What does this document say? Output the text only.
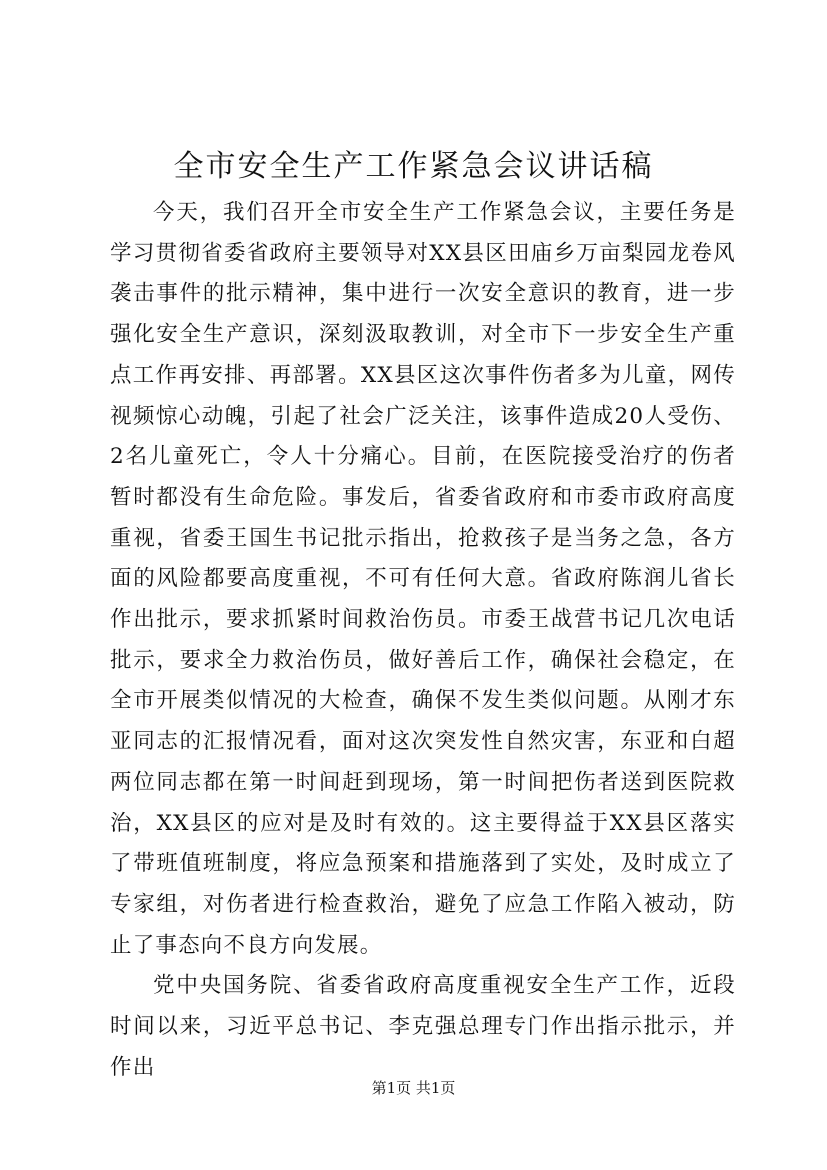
全市安全生产工作紧急会议讲话稿

今天，我们召开全市安全生产工作紧急会议，主要任务是学习贯彻省委省政府主要领导对XX县区田庙乡万亩梨园龙卷风袭击事件的批示精神，集中进行一次安全意识的教育，进一步强化安全生产意识，深刻汲取教训，对全市下一步安全生产重点工作再安排、再部署。XX县区这次事件伤者多为儿童，网传视频惊心动魄，引起了社会广泛关注，该事件造成20人受伤、2名儿童死亡，令人十分痛心。目前，在医院接受治疗的伤者暂时都没有生命危险。事发后，省委省政府和市委市政府高度重视，省委王国生书记批示指出，抢救孩子是当务之急，各方面的风险都要高度重视，不可有任何大意。省政府陈润儿省长作出批示，要求抓紧时间救治伤员。市委王战营书记几次电话批示，要求全力救治伤员，做好善后工作，确保社会稳定，在全市开展类似情况的大检查，确保不发生类似问题。从刚才东亚同志的汇报情况看，面对这次突发性自然灾害，东亚和白超两位同志都在第一时间赶到现场，第一时间把伤者送到医院救治，XX县区的应对是及时有效的。这主要得益于XX县区落实了带班值班制度，将应急预案和措施落到了实处，及时成立了专家组，对伤者进行检查救治，避免了应急工作陷入被动，防止了事态向不良方向发展。

党中央国务院、省委省政府高度重视安全生产工作，近段时间以来，习近平总书记、李克强总理专门作出指示批示，并作出

第1页 共1页
